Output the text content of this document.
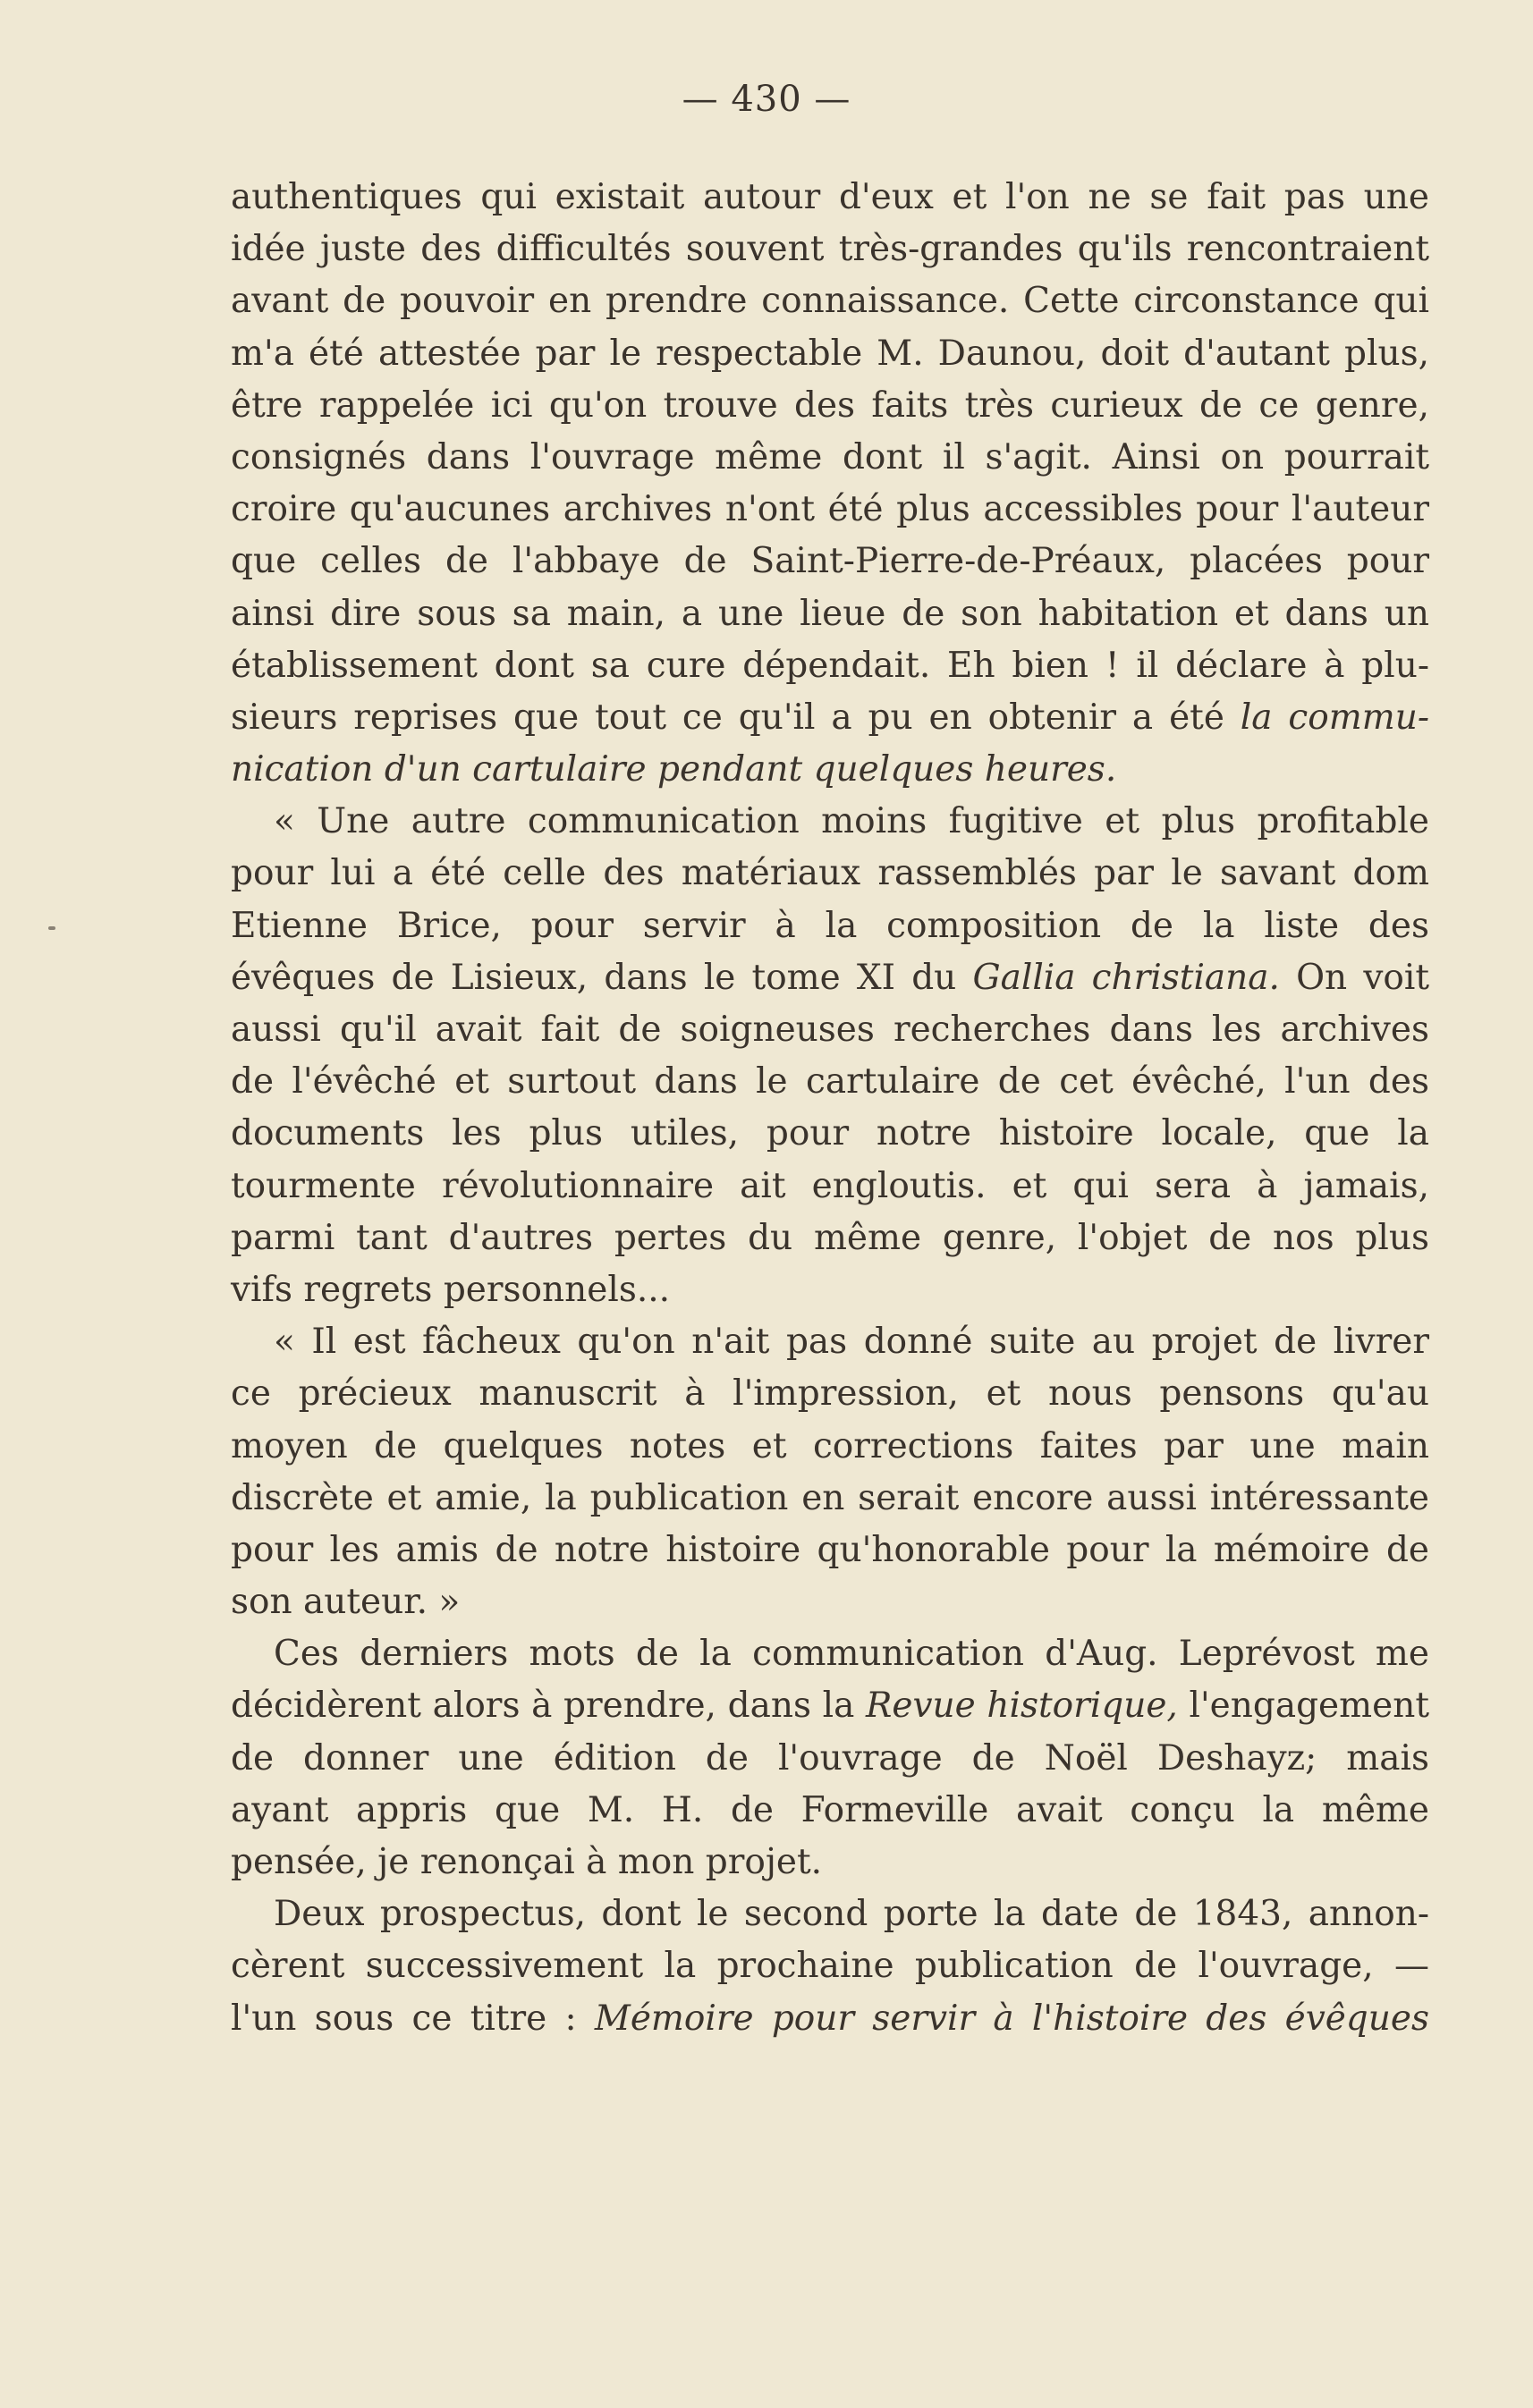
— 430 —
authentiques qui existait autour d'eux et l'on ne se fait pas une
idée juste des difficultés souvent très-grandes qu'ils rencontraient
avant de pouvoir en prendre connaissance. Cette circonstance qui
m'a été attestée par le respectable M. Daunou, doit d'autant plus,
être rappelée ici qu'on trouve des faits très curieux de ce genre,
consignés dans l'ouvrage même dont il s'agit. Ainsi on pourrait
croire qu'aucunes archives n'ont été plus accessibles pour l'auteur
que celles de l'abbaye de Saint-Pierre-de-Préaux, placées pour
ainsi dire sous sa main, a une lieue de son habitation et dans un
établissement dont sa cure dépendait. Eh bien ! il déclare à plu-
sieurs reprises que tout ce qu'il a pu en obtenir a été la commu-
nication d'un cartulaire pendant quelques heures.
« Une autre communication moins fugitive et plus profitable
pour lui a été celle des matériaux rassemblés par le savant dom
Etienne Brice, pour servir à la composition de la liste des
évêques de Lisieux, dans le tome XI du Gallia christiana. On voit
aussi qu'il avait fait de soigneuses recherches dans les archives
de l'évêché et surtout dans le cartulaire de cet évêché, l'un des
documents les plus utiles, pour notre histoire locale, que la
tourmente révolutionnaire ait engloutis. et qui sera à jamais,
parmi tant d'autres pertes du même genre, l'objet de nos plus
vifs regrets personnels...
« Il est fâcheux qu'on n'ait pas donné suite au projet de livrer
ce précieux manuscrit à l'impression, et nous pensons qu'au
moyen de quelques notes et corrections faites par une main
discrète et amie, la publication en serait encore aussi intéressante
pour les amis de notre histoire qu'honorable pour la mémoire de
son auteur. »
Ces derniers mots de la communication d'Aug. Leprévost me
décidèrent alors à prendre, dans la Revue historique, l'engagement
de donner une édition de l'ouvrage de Noël Deshayz; mais
ayant appris que M. H. de Formeville avait conçu la même
pensée, je renonçai à mon projet.
Deux prospectus, dont le second porte la date de 1843, annon-
cèrent successivement la prochaine publication de l'ouvrage, —
l'un sous ce titre : Mémoire pour servir à l'histoire des évêques
